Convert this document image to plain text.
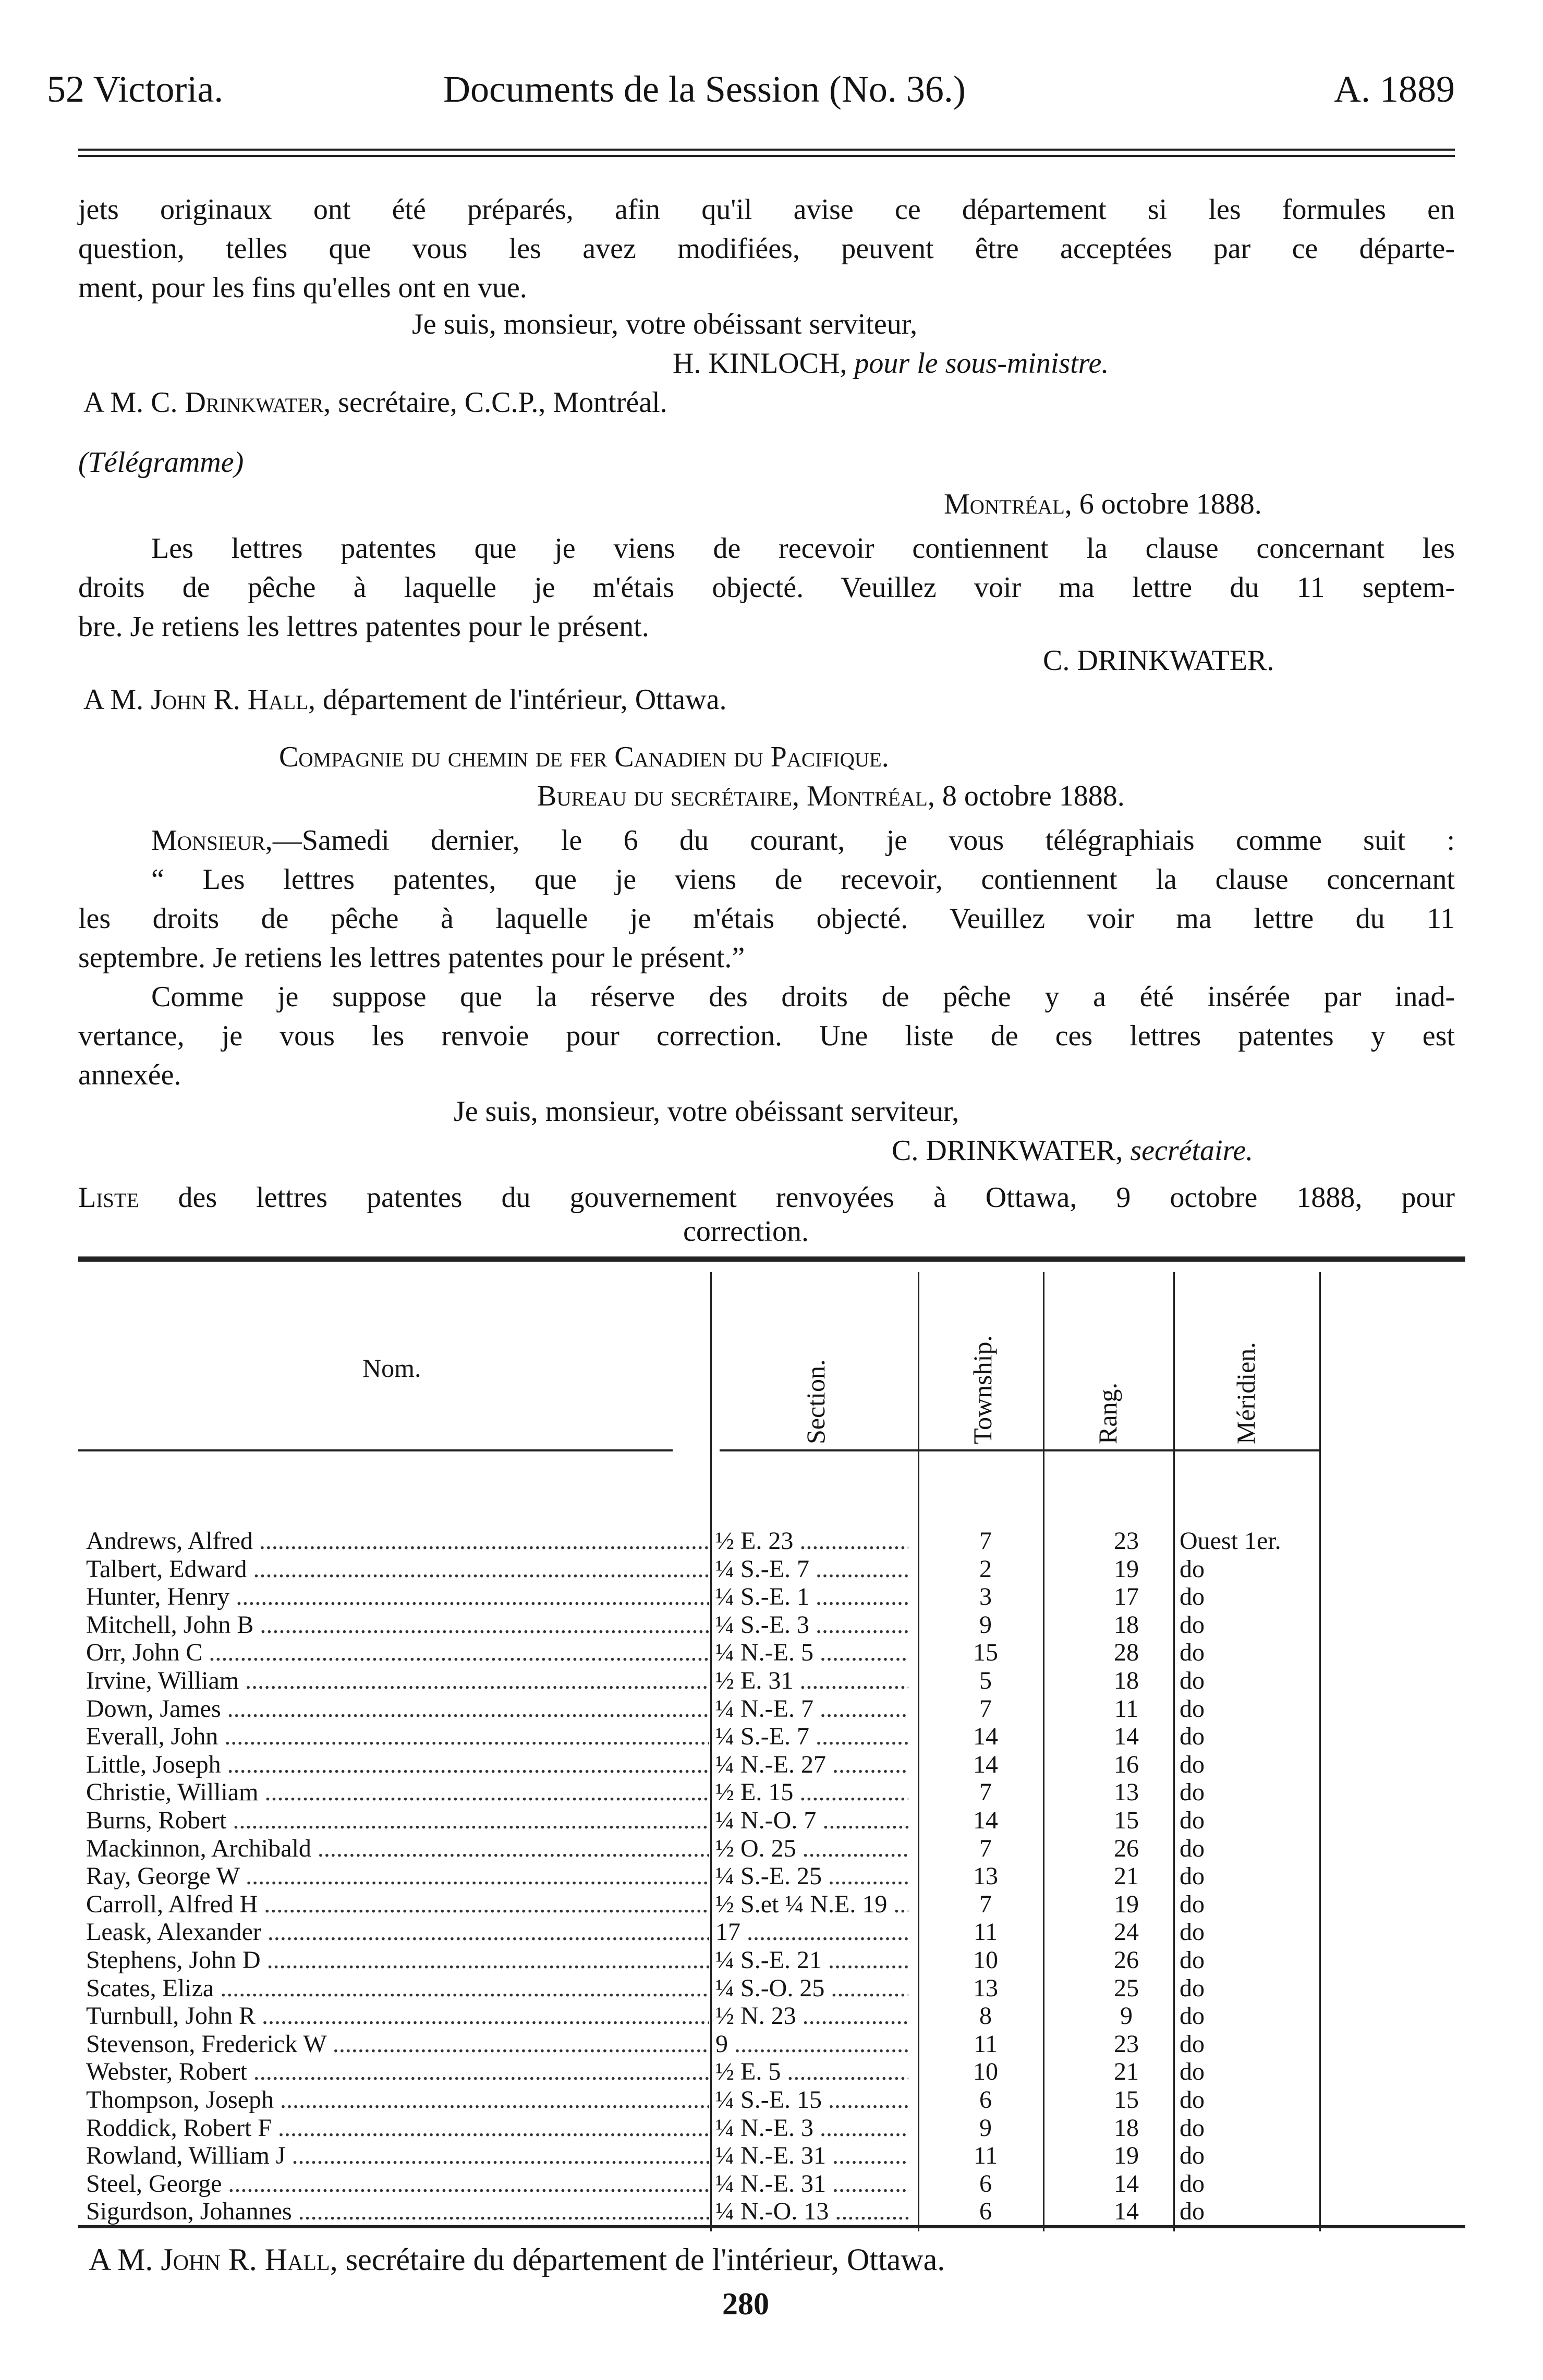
52 Victoria.	Documents de la Session (No. 36.)	A. 1889
jets originaux ont été préparés, afin qu'il avise ce département si les formules en
question, telles que vous les avez modifiées, peuvent être acceptées par ce départe-
ment, pour les fins qu'elles ont en vue.
Je suis, monsieur, votre obéissant serviteur,
H. KINLOCH, pour le sous-ministre.
A M. C. Drinkwater, secrétaire, C.C.P., Montréal.
(Télégramme)
Montréal, 6 octobre 1888.
Les lettres patentes que je viens de recevoir contiennent la clause concernant les
droits de pêche à laquelle je m'étais objecté. Veuillez voir ma lettre du 11 septem-
bre. Je retiens les lettres patentes pour le présent.
C. DRINKWATER.
A M. John R. Hall, département de l'intérieur, Ottawa.
Compagnie du chemin de fer Canadien du Pacifique.
Bureau du secrétaire, Montréal, 8 octobre 1888.
Monsieur,—Samedi dernier, le 6 du courant, je vous télégraphiais comme suit :
“ Les lettres patentes, que je viens de recevoir, contiennent la clause concernant
les droits de pêche à laquelle je m'étais objecté. Veuillez voir ma lettre du 11
septembre. Je retiens les lettres patentes pour le présent.”
Comme je suppose que la réserve des droits de pêche y a été insérée par inad-
vertance, je vous les renvoie pour correction. Une liste de ces lettres patentes y est
annexée.
Je suis, monsieur, votre obéissant serviteur,
C. DRINKWATER, secrétaire.
Liste des lettres patentes du gouvernement renvoyées à Ottawa, 9 octobre 1888, pour
correction.
Nom.	Section.	Township.	Rang.	Méridien.
Andrews, Alfred .....	½ E. 23 .....	7	23	Ouest 1er.
Talbert, Edward .....	¼ S.-E. 7 .....	2	19	do
Hunter, Henry .....	¼ S.-E. 1 .....	3	17	do
Mitchell, John B .....	¼ S.-E. 3 .....	9	18	do
Orr, John C .....	¼ N.-E. 5 .....	15	28	do
Irvine, William .....	½ E. 31 .....	5	18	do
Down, James .....	¼ N.-E. 7 .....	7	11	do
Everall, John .....	¼ S.-E. 7 .....	14	14	do
Little, Joseph .....	¼ N.-E. 27 .....	14	16	do
Christie, William .....	½ E. 15 .....	7	13	do
Burns, Robert .....	¼ N.-O. 7 .....	14	15	do
Mackinnon, Archibald .....	½ O. 25 .....	7	26	do
Ray, George W .....	¼ S.-E. 25 .....	13	21	do
Carroll, Alfred H .....	½ S.et ¼ N.E. 19 .....	7	19	do
Leask, Alexander .....	17 .....	11	24	do
Stephens, John D .....	¼ S.-E. 21 .....	10	26	do
Scates, Eliza .....	¼ S.-O. 25 .....	13	25	do
Turnbull, John R .....	½ N. 23 .....	8	9	do
Stevenson, Frederick W .....	9 .....	11	23	do
Webster, Robert .....	½ E. 5 .....	10	21	do
Thompson, Joseph .....	¼ S.-E. 15 .....	6	15	do
Roddick, Robert F .....	¼ N.-E. 3 .....	9	18	do
Rowland, William J .....	¼ N.-E. 31 .....	11	19	do
Steel, George .....	¼ N.-E. 31 .....	6	14	do
Sigurdson, Johannes .....	¼ N.-O. 13 .....	6	14	do
A M. John R. Hall, secrétaire du département de l'intérieur, Ottawa.
280
